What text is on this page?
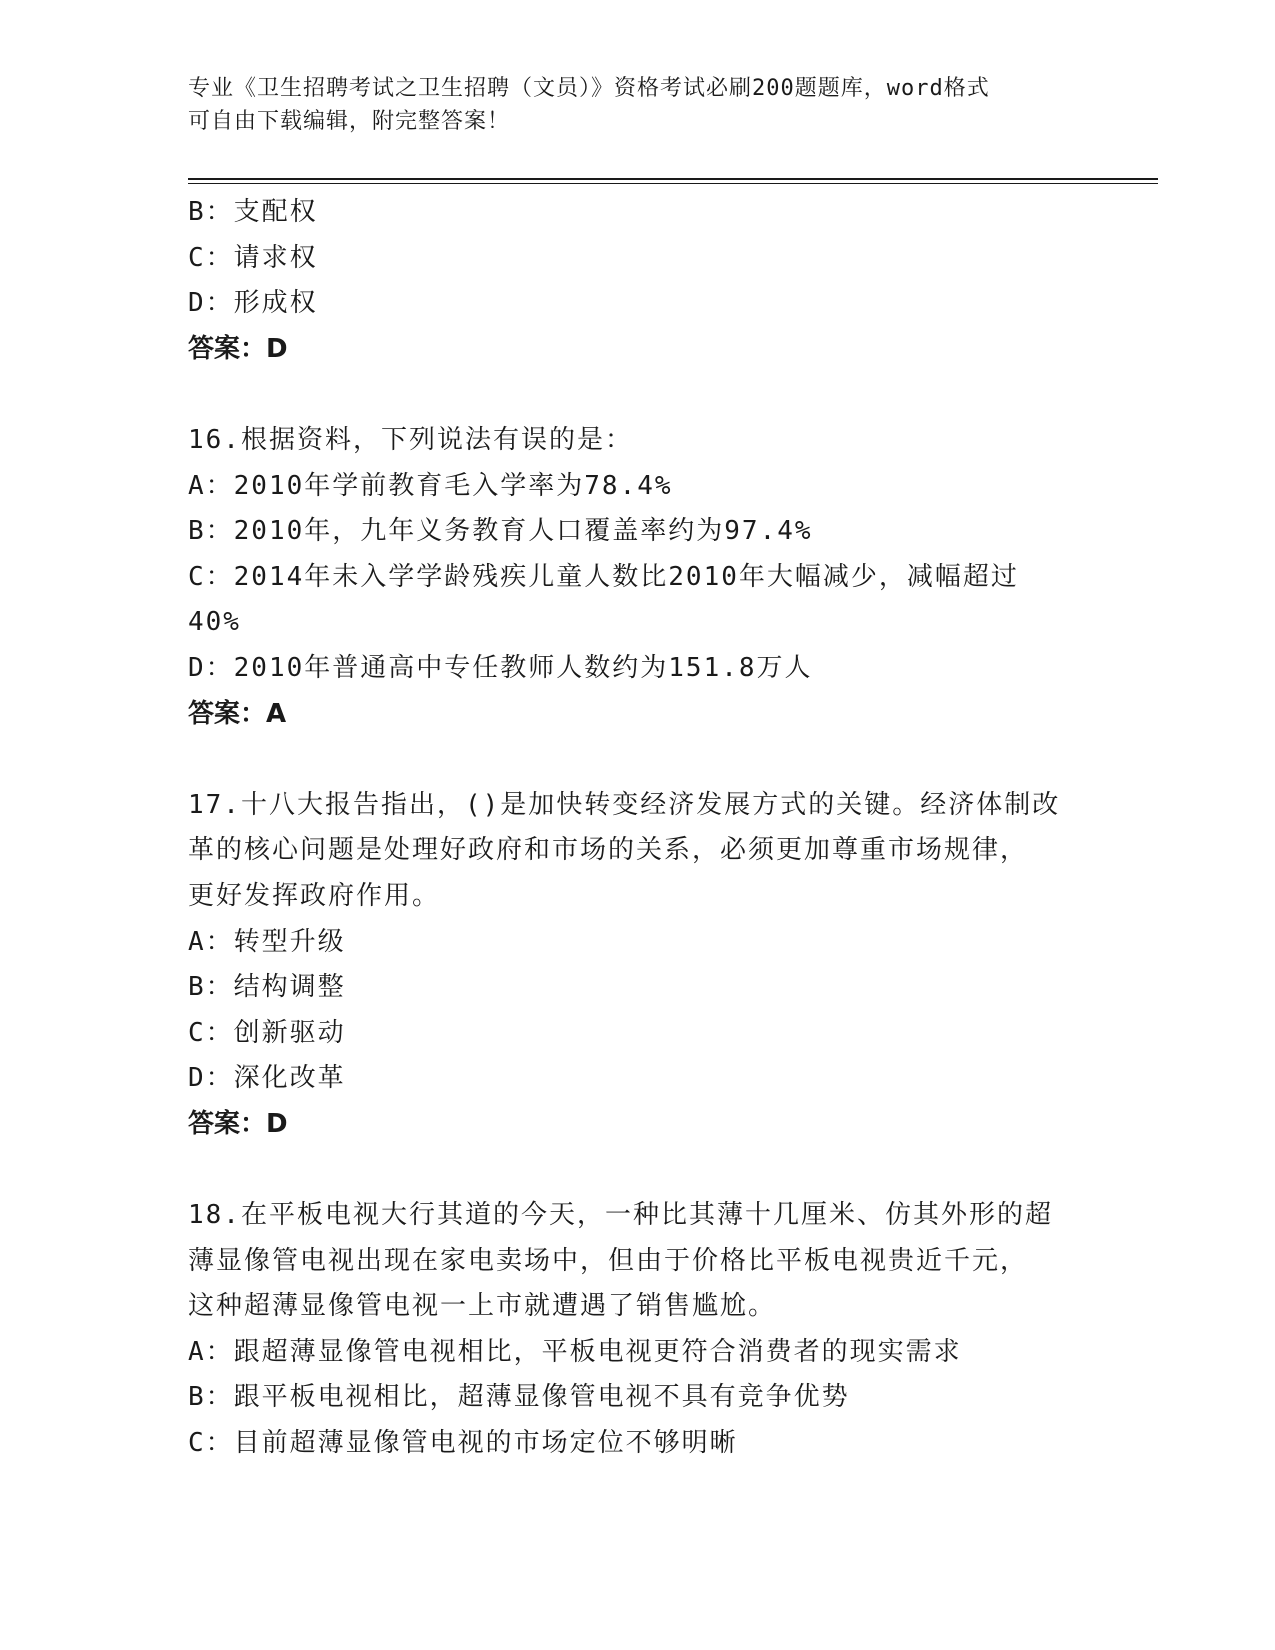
专业《卫生招聘考试之卫生招聘（文员）》资格考试必刷200题题库，word格式
可自由下载编辑，附完整答案！
B：支配权
C：请求权
D：形成权
答案：D
16.根据资料，下列说法有误的是：
A：2010年学前教育毛入学率为78.4%
B：2010年，九年义务教育人口覆盖率约为97.4%
C：2014年未入学学龄残疾儿童人数比2010年大幅减少，减幅超过
40%
D：2010年普通高中专任教师人数约为151.8万人
答案：A
17.十八大报告指出，()是加快转变经济发展方式的关键。经济体制改
革的核心问题是处理好政府和市场的关系，必须更加尊重市场规律，
更好发挥政府作用。
A：转型升级
B：结构调整
C：创新驱动
D：深化改革
答案：D
18.在平板电视大行其道的今天，一种比其薄十几厘米、仿其外形的超
薄显像管电视出现在家电卖场中，但由于价格比平板电视贵近千元，
这种超薄显像管电视一上市就遭遇了销售尴尬。
A：跟超薄显像管电视相比，平板电视更符合消费者的现实需求
B：跟平板电视相比，超薄显像管电视不具有竞争优势
C：目前超薄显像管电视的市场定位不够明晰
